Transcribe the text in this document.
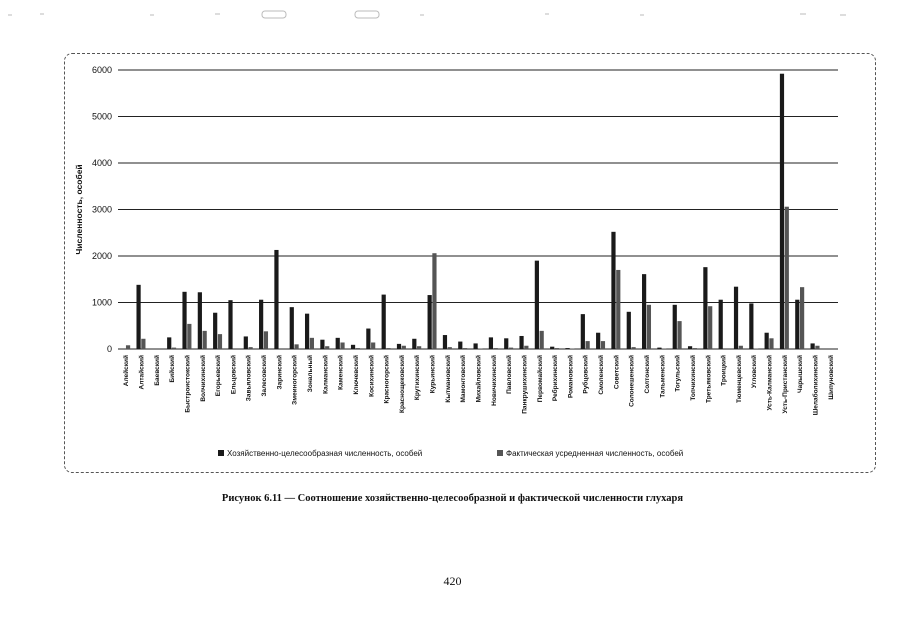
0
1000
2000
3000
4000
5000
6000
Численность, особей
Алейский Алтайский Баевский Бийский Быстроистокский Волчихинский Егорьевский Ельцовский Завьяловский Залесовский Заринский Змеиногорский Зональный Калманский Каменский Ключевский Косихинский Красногорский Краснощековский Крутихинский Курьинский Кытмановский Мамонтовский Михайловский Новичихинский Павловский Панкрушихинский Первомайский Ребрихинский Романовский Рубцовский Смоленский Советский Солонешенский Солтонский Тальменский Тогульский Топчихинский Третьяковский Троицкий Тюменцевский Угловский Усть-Калманский Усть-Пристанский Чарышский Шелаболихинский Шипуновский
Хозяйственно-целесообразная численность, особей	Фактическая усредненная численность, особей
Рисунок 6.11 — Соотношение хозяйственно-целесообразной и фактической численности глухаря
420
